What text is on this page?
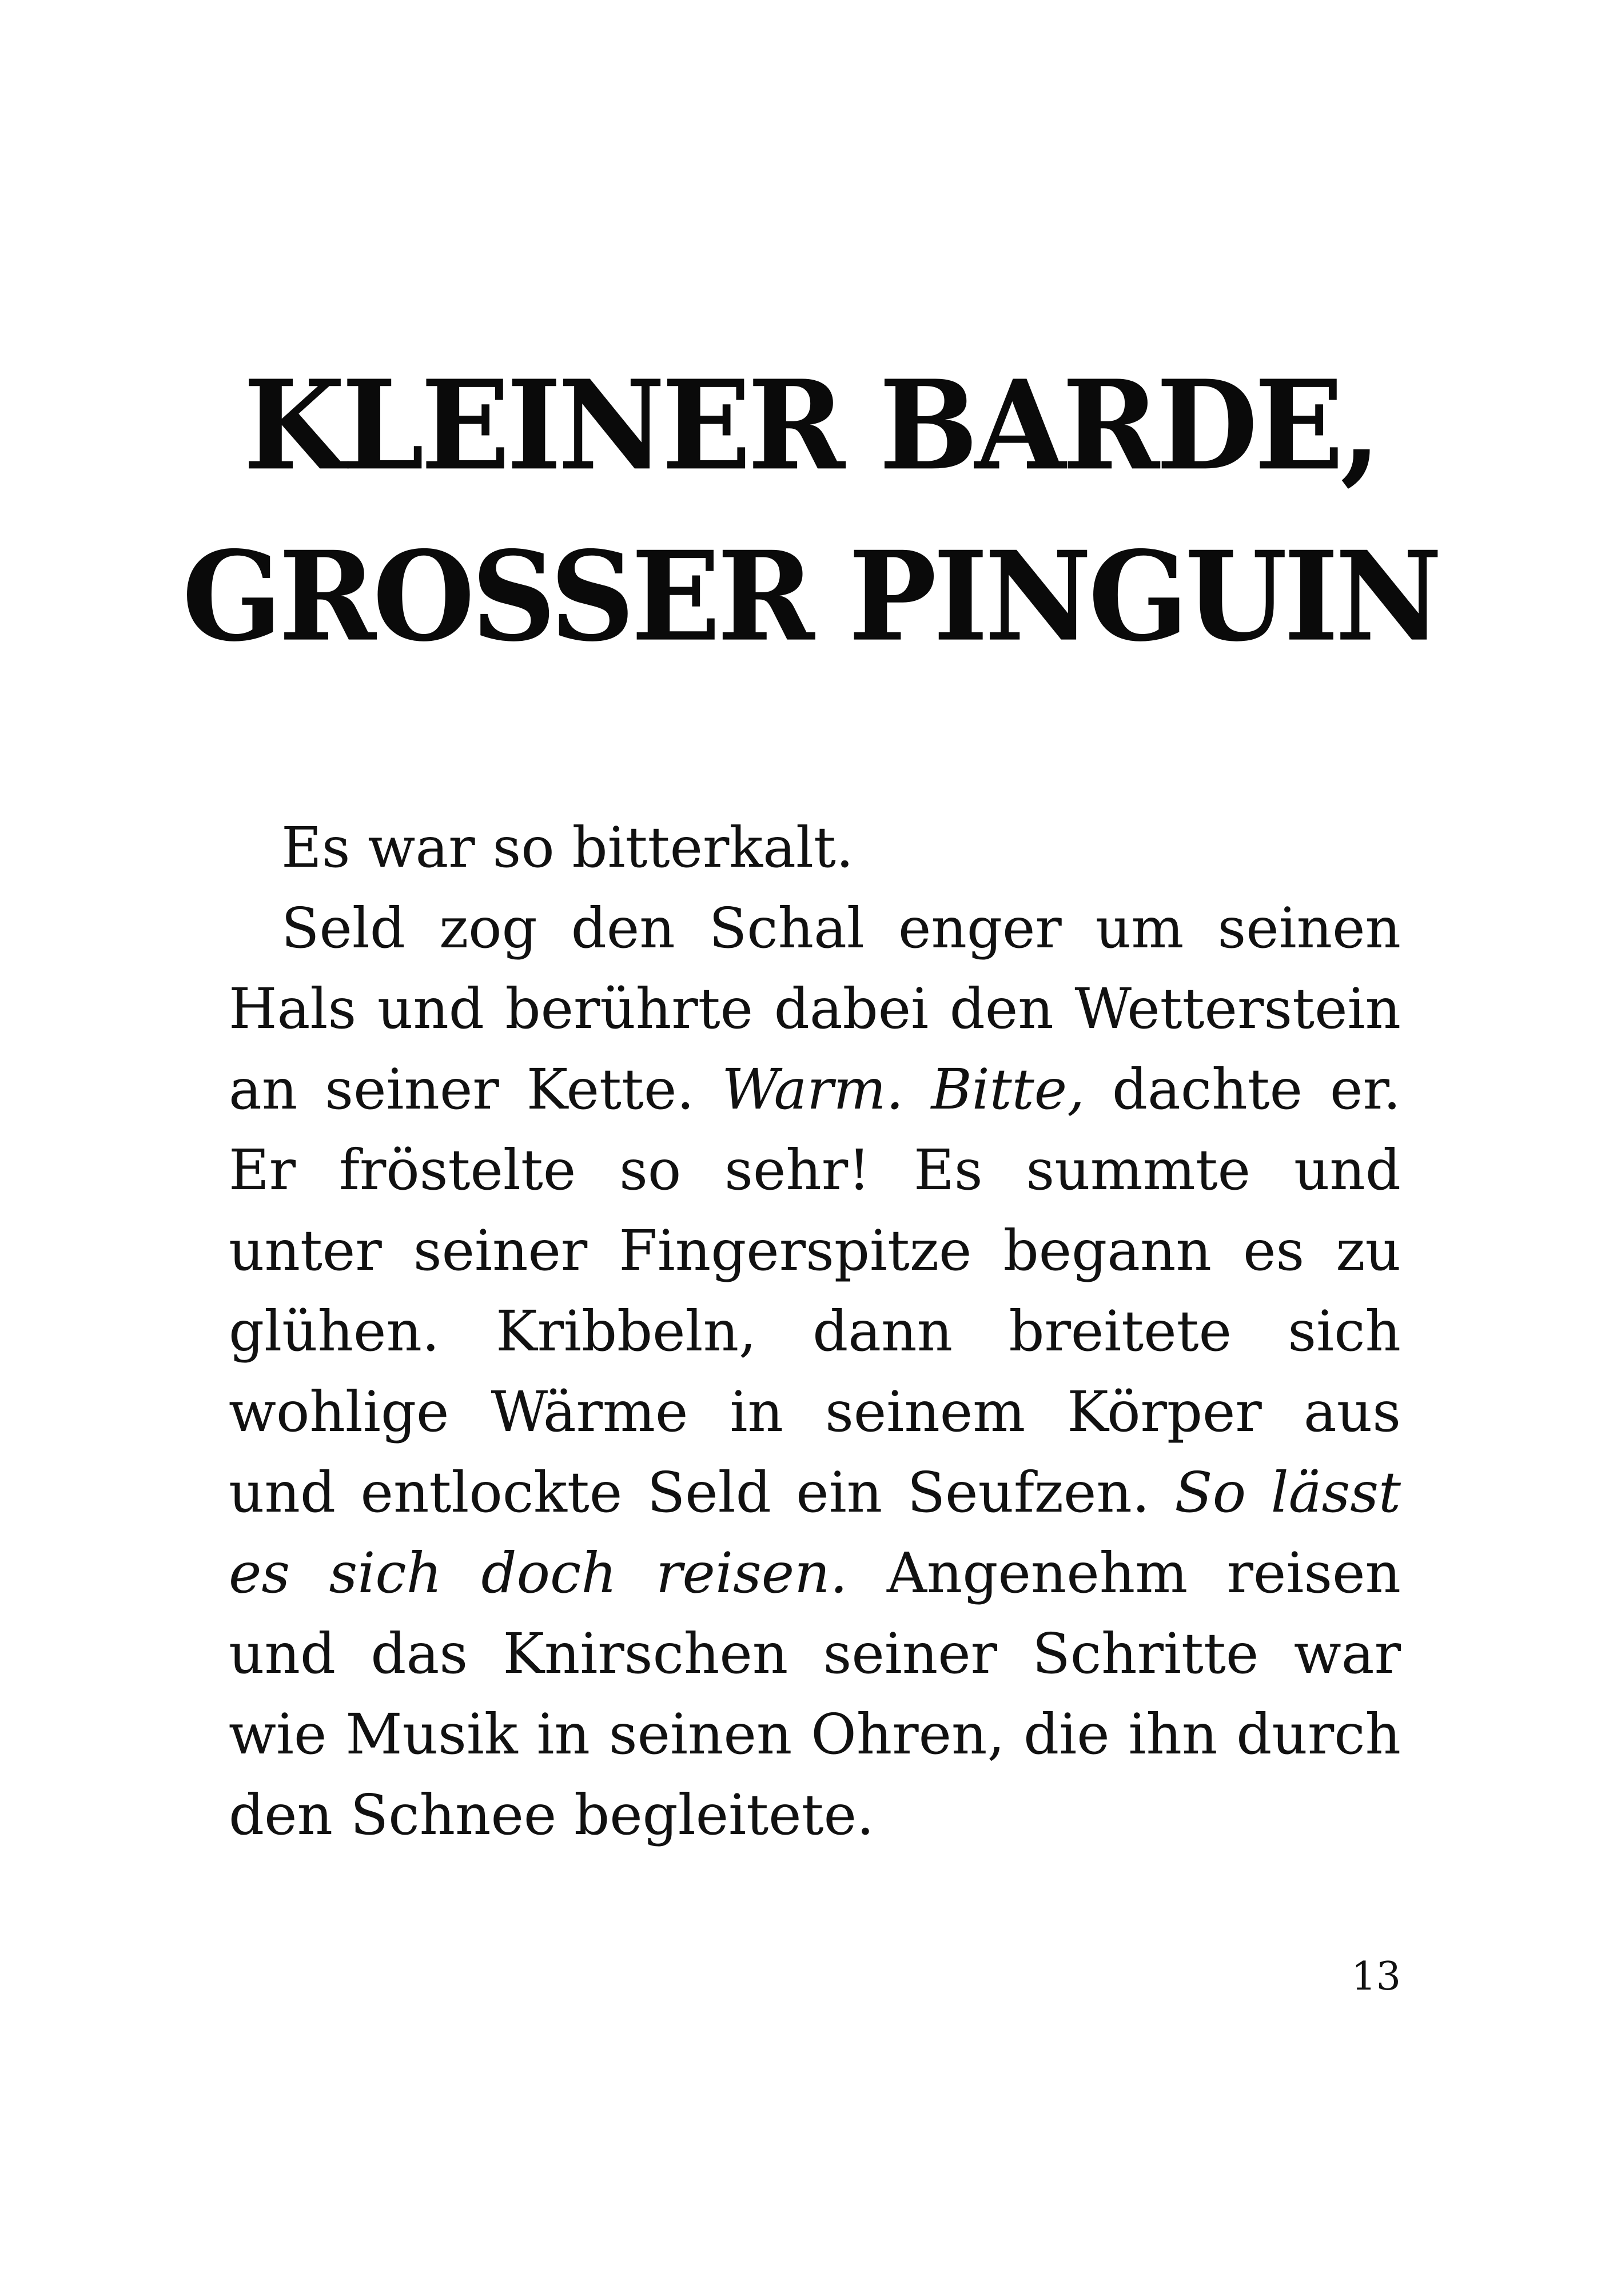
KLEINER BARDE,
GROSSER PINGUIN

Es war so bitterkalt.

Seld zog den Schal enger um seinen Hals und berührte dabei den Wetterstein an seiner Kette. Warm. Bitte, dachte er. Er fröstelte so sehr! Es summte und unter seiner Fingerspitze begann es zu glühen. Kribbeln, dann breitete sich wohlige Wärme in seinem Körper aus und entlockte Seld ein Seufzen. So lässt es sich doch reisen. Angenehm reisen und das Knirschen seiner Schritte war wie Musik in seinen Ohren, die ihn durch den Schnee begleitete.

13
